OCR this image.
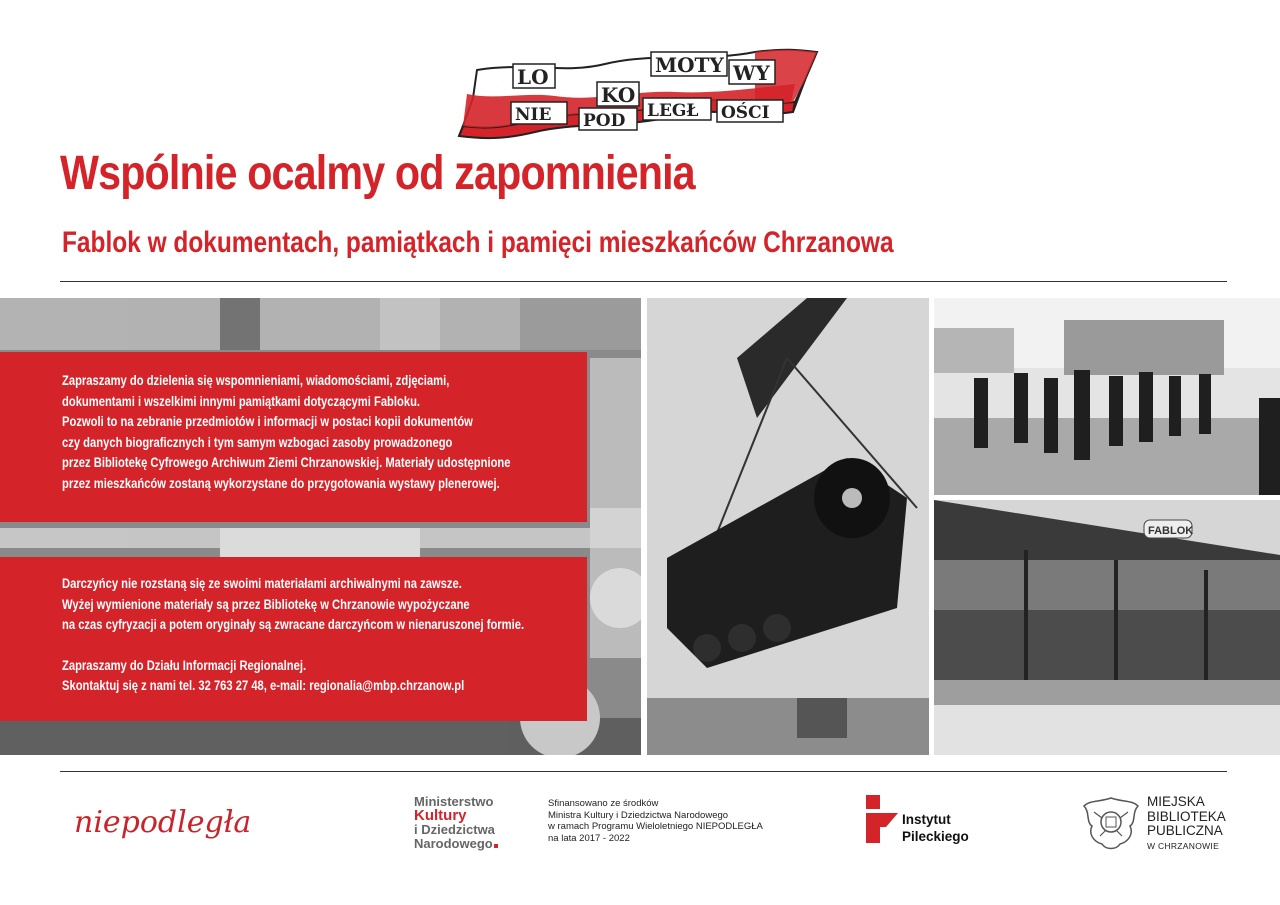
LO
KO
MOTY WY
NIE POD LEGŁ OŚCI
Wspólnie ocalmy od zapomnienia
Fablok w dokumentach, pamiątkach i pamięci mieszkańców Chrzanowa
FABLOK
Zapraszamy do dzielenia się wspomnieniami, wiadomościami, zdjęciami,
dokumentami i wszelkimi innymi pamiątkami dotyczącymi Fabloku.
Pozwoli to na zebranie przedmiotów i informacji w postaci kopii dokumentów
czy danych biograficznych i tym samym wzbogaci zasoby prowadzonego
przez Bibliotekę Cyfrowego Archiwum Ziemi Chrzanowskiej. Materiały udostępnione
przez mieszkańców zostaną wykorzystane do przygotowania wystawy plenerowej.
Darczyńcy nie rozstaną się ze swoimi materiałami archiwalnymi na zawsze.
Wyżej wymienione materiały są przez Bibliotekę w Chrzanowie wypożyczane
na czas cyfryzacji a potem oryginały są zwracane darczyńcom w nienaruszonej formie.
Zapraszamy do Działu Informacji Regionalnej.
Skontaktuj się z nami tel. 32 763 27 48, e-mail: regionalia@mbp.chrzanow.pl
niepodległa
Ministerstwo
Kultury
i Dziedzictwa
Narodowego
Sfinansowano ze środków
Ministra Kultury i Dziedzictwa Narodowego
w ramach Programu Wieloletniego NIEPODLEGŁA
na lata 2017 - 2022
Instytut
Pileckiego
MIEJSKA
BIBLIOTEKA
PUBLICZNA
W CHRZANOWIE
